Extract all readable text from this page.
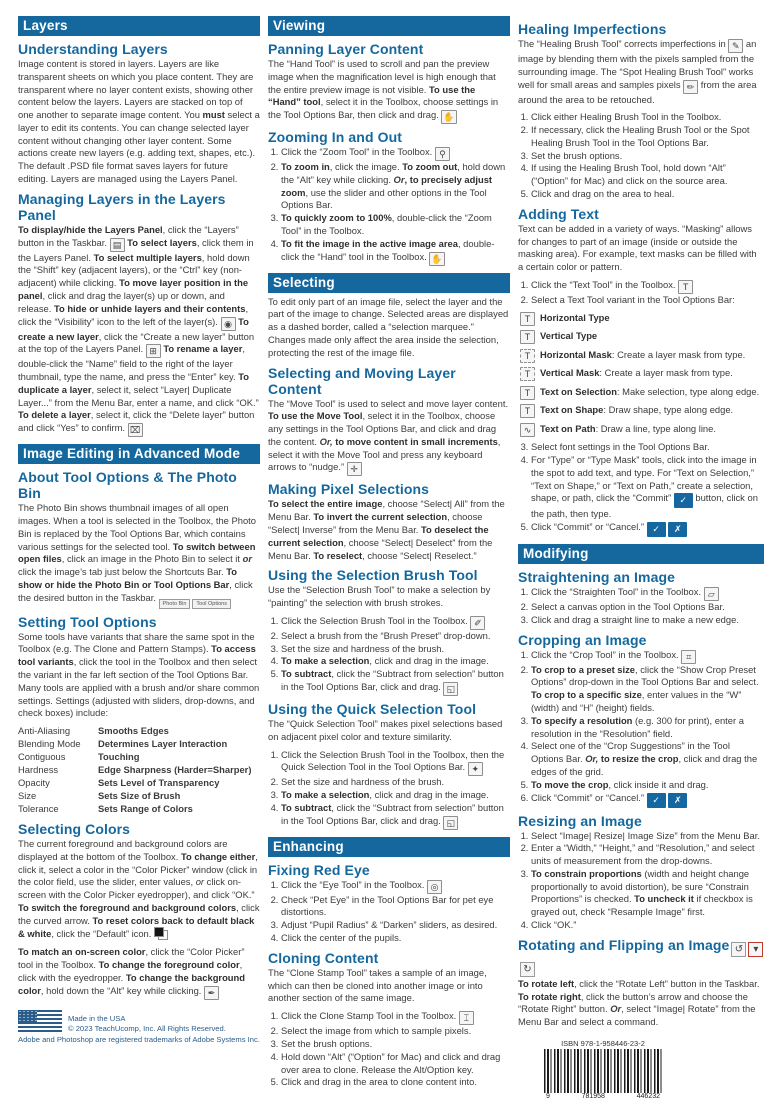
Layers
Understanding Layers
Image content is stored in layers. Layers are like transparent sheets on which you place content. They are transparent where no layer content exists, showing other content below the layers. Layers are stacked on top of one another to separate image content. You must select a layer to edit its contents. You can change selected layer content without changing other layer content. Some actions create new layers (e.g. adding text, shapes, etc.). The default .PSD file format saves layers for future editing. Layers are managed using the Layers Panel.
Managing Layers in the Layers Panel
To display/hide the Layers Panel, click the “Layers” button in the Taskbar. ▤ To select layers, click them in the Layers Panel. To select multiple layers, hold down the “Shift” key (adjacent layers), or the “Ctrl” key (non-adjacent) while clicking. To move layer position in the panel, click and drag the layer(s) up or down, and release. To hide or unhide layers and their contents, click the “Visibility” icon to the left of the layer(s). ◉ To create a new layer, click the “Create a new layer” button at the top of the Layers Panel. ⊞ To rename a layer, double-click the “Name” field to the right of the layer thumbnail, type the name, and press the “Enter” key. To duplicate a layer, select it, select “Layer| Duplicate Layer...” from the Menu Bar, enter a name, and click “OK.” To delete a layer, select it, click the “Delete layer” button and click “Yes” to confirm. ⌧
Image Editing in Advanced Mode
About Tool Options & The Photo Bin
The Photo Bin shows thumbnail images of all open images. When a tool is selected in the Toolbox, the Photo Bin is replaced by the Tool Options Bar, which contains various settings for the selected tool. To switch between open files, click an image in the Photo Bin to select it or click the image’s tab just below the Shortcuts Bar. To show or hide the Photo Bin or Tool Options Bar, click the desired button in the Taskbar.
Photo Bin	Tool Options
Setting Tool Options
Some tools have variants that share the same spot in the Toolbox (e.g. The Clone and Pattern Stamps). To access tool variants, click the tool in the Toolbox and then select the variant in the far left section of the Tool Options Bar. Many tools are applied with a brush and/or share common settings. Settings (adjusted with sliders, drop-downs, and check boxes) include:
Anti-Aliasing	Smooths Edges
Blending Mode	Determines Layer Interaction
Contiguous	Touching
Hardness	Edge Sharpness (Harder=Sharper)
Opacity	Sets Level of Transparency
Size	Sets Size of Brush
Tolerance	Sets Range of Colors
Selecting Colors
The current foreground and background colors are displayed at the bottom of the Toolbox. To change either, click it, select a color in the “Color Picker” window (click in the color field, use the slider, enter values, or click on-screen with the Color Picker eyedropper), and click “OK.” To switch the foreground and background colors, click the curved arrow. To reset colors back to default black & white, click the “Default” icon.
To match an on-screen color, click the “Color Picker” tool in the Toolbox. To change the foreground color, click with the eyedropper. To change the background color, hold down the “Alt” key while clicking. ✒
Made in the USA
© 2023 TeachUcomp, Inc. All Rights Reserved.
Adobe and Photoshop are registered trademarks of Adobe Systems Inc.
Viewing
Panning Layer Content
The “Hand Tool” is used to scroll and pan the preview image when the magnification level is high enough that the entire preview image is not visible. To use the “Hand” tool, select it in the Toolbox, choose settings in the Tool Options Bar, then click and drag. ✋
Zooming In and Out
1. Click the “Zoom Tool” in the Toolbox. ⚲
2. To zoom in, click the image. To zoom out, hold down the “Alt” key while clicking. Or, to precisely adjust zoom, use the slider and other options in the Tool Options Bar.
3. To quickly zoom to 100%, double-click the “Zoom Tool” in the Toolbox.
4. To fit the image in the active image area, double-click the “Hand” tool in the Toolbox. ✋
Selecting
To edit only part of an image file, select the layer and the part of the image to change. Selected areas are displayed as a dashed border, called a “selection marquee.” Changes made only affect the area inside the selection, protecting the rest of the image file.
Selecting and Moving Layer Content
The “Move Tool” is used to select and move layer content. To use the Move Tool, select it in the Toolbox, choose any settings in the Tool Options Bar, and click and drag the content. Or, to move content in small increments, select it with the Move Tool and press any keyboard arrows to “nudge.” ✛
Making Pixel Selections
To select the entire image, choose “Select| All” from the Menu Bar. To invert the current selection, choose “Select| Inverse” from the Menu Bar. To deselect the current selection, choose “Select| Deselect” from the Menu Bar. To reselect, choose “Select| Reselect.”
Using the Selection Brush Tool
Use the “Selection Brush Tool” to make a selection by “painting” the selection with brush strokes.
1. Click the Selection Brush Tool in the Toolbox. ✐
2. Select a brush from the “Brush Preset” drop-down.
3. Set the size and hardness of the brush.
4. To make a selection, click and drag in the image.
5. To subtract, click the “Subtract from selection” button in the Tool Options Bar, click and drag. ◱
Using the Quick Selection Tool
The “Quick Selection Tool” makes pixel selections based on adjacent pixel color and texture similarity.
1. Click the Selection Brush Tool in the Toolbox, then the Quick Selection Tool in the Tool Options Bar. ✦
2. Set the size and hardness of the brush.
3. To make a selection, click and drag in the image.
4. To subtract, click the “Subtract from selection” button in the Tool Options Bar, click and drag. ◱
Enhancing
Fixing Red Eye
1. Click the “Eye Tool” in the Toolbox. ◎
2. Check “Pet Eye” in the Tool Options Bar for pet eye distortions.
3. Adjust “Pupil Radius” & “Darken” sliders, as desired.
4. Click the center of the pupils.
Cloning Content
The “Clone Stamp Tool” takes a sample of an image, which can then be cloned into another image or into another section of the same image.
1. Click the Clone Stamp Tool in the Toolbox. ⌶
2. Select the image from which to sample pixels.
3. Set the brush options.
4. Hold down “Alt” (“Option” for Mac) and click and drag over area to clone. Release the Alt/Option key.
5. Click and drag in the area to clone content into.
Healing Imperfections
The “Healing Brush Tool” corrects imperfections in ✎ an image by blending them with the pixels sampled from the surrounding image. The “Spot Healing Brush Tool” works well for small areas and samples pixels ✏ from the area around the area to be retouched.
1. Click either Healing Brush Tool in the Toolbox.
2. If necessary, click the Healing Brush Tool or the Spot Healing Brush Tool in the Tool Options Bar.
3. Set the brush options.
4. If using the Healing Brush Tool, hold down “Alt” (“Option” for Mac) and click on the source area.
5. Click and drag on the area to heal.
Adding Text
Text can be added in a variety of ways. “Masking” allows for changes to part of an image (inside or outside the masking area). For example, text masks can be filled with a certain color or pattern.
1. Click the “Text Tool” in the Toolbox. T
2. Select a Text Tool variant in the Tool Options Bar:
T	Horizontal Type
T	Vertical Type
T	Horizontal Mask: Create a layer mask from type.
T	Vertical Mask: Create a layer mask from type.
T	Text on Selection: Make selection, type along edge.
T	Text on Shape: Draw shape, type along edge.
∿ Text on Path: Draw a line, type along line.
3. Select font settings in the Tool Options Bar.
4. For “Type” or “Type Mask” tools, click into the image in the spot to add text, and type. For “Text on Selection,” “Text on Shape,” or “Text on Path,” create a selection, shape, or path, click the “Commit” ✓ button, click on the path, then type.
5. Click “Commit” or “Cancel.” ✓ ✗
Modifying
Straightening an Image
1. Click the “Straighten Tool” in the Toolbox. ▱
2. Select a canvas option in the Tool Options Bar.
3. Click and drag a straight line to make a new edge.
Cropping an Image
1. Click the “Crop Tool” in the Toolbox. ⌗
2. To crop to a preset size, click the “Show Crop Preset Options” drop-down in the Tool Options Bar and select. To crop to a specific size, enter values in the “W” (width) and “H” (height) fields.
3. To specify a resolution (e.g. 300 for print), enter a resolution in the “Resolution” field.
4. Select one of the “Crop Suggestions” in the Tool Options Bar. Or, to resize the crop, click and drag the edges of the grid.
5. To move the crop, click inside it and drag.
6. Click “Commit” or “Cancel.” ✓ ✗
Resizing an Image
1. Select “Image| Resize| Image Size” from the Menu Bar.
2. Enter a “Width,” “Height,” and “Resolution,” and select units of measurement from the drop-downs.
3. To constrain proportions (width and height change proportionally to avoid distortion), be sure “Constrain Proportions” is checked. To uncheck it if checkbox is grayed out, check “Resample Image” first.
4. Click “OK.”
Rotating and Flipping an Image ↺ ▾↻
To rotate left, click the “Rotate Left” button in the Taskbar. To rotate right, click the button’s arrow and choose the “Rotate Right” button. Or, select “Image| Rotate” from the Menu Bar and select a command.
ISBN 978-1-958446-23-2
9	781958	446232
